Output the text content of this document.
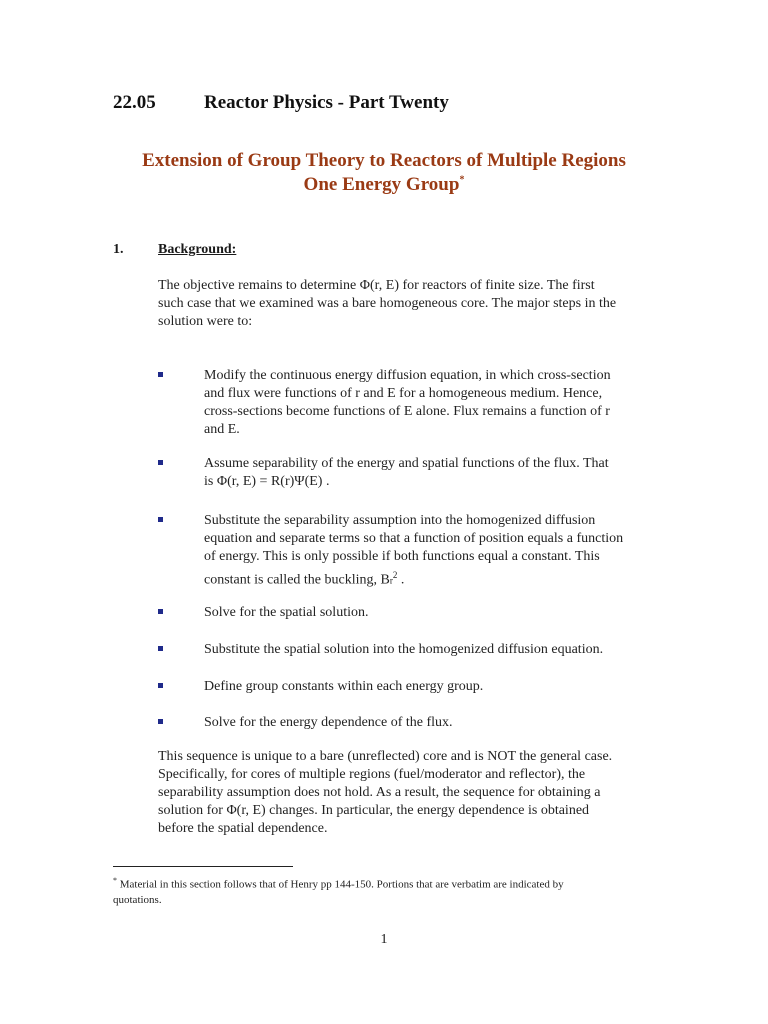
22.05	Reactor Physics - Part Twenty
Extension of Group Theory to Reactors of Multiple Regions
One Energy Group*
1. Background:
The objective remains to determine Φ(r, E) for reactors of finite size. The first
such case that we examined was a bare homogeneous core. The major steps in the
solution were to:
Modify the continuous energy diffusion equation, in which cross-section
and flux were functions of r and E for a homogeneous medium. Hence,
cross-sections become functions of E alone. Flux remains a function of r
and E.
Assume separability of the energy and spatial functions of the flux. That
is Φ(r, E) = R(r)Ψ(E) .
Substitute the separability assumption into the homogenized diffusion
equation and separate terms so that a function of position equals a function
of energy. This is only possible if both functions equal a constant. This
constant is called the buckling, Br$^2$ .
Solve for the spatial solution.
Substitute the spatial solution into the homogenized diffusion equation.
Define group constants within each energy group.
Solve for the energy dependence of the flux.
This sequence is unique to a bare (unreflected) core and is NOT the general case.
Specifically, for cores of multiple regions (fuel/moderator and reflector), the
separability assumption does not hold. As a result, the sequence for obtaining a
solution for Φ(r, E) changes. In particular, the energy dependence is obtained
before the spatial dependence.
* Material in this section follows that of Henry pp 144-150. Portions that are verbatim are indicated by
quotations.
1
